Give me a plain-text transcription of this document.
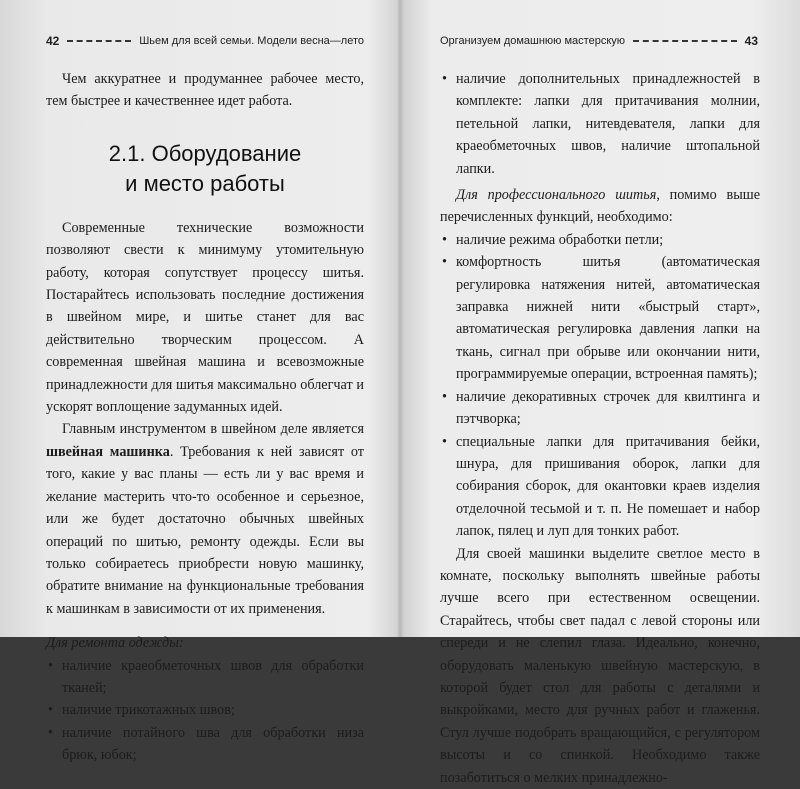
42	Шьем для всей семьи. Модели весна—лето

Чем аккуратнее и продуманнее рабочее место, тем быстрее и качественнее идет работа.

2.1. Оборудование
и место работы

Современные технические возможности позволяют свести к минимуму утомительную работу, которая сопутствует процессу шитья. Постарайтесь использовать последние достижения в швейном мире, и шитье станет для вас действительно творческим процессом. А современная швейная машина и всевозможные принадлежности для шитья максимально облегчат и ускорят воплощение задуманных идей.

Главным инструментом в швейном деле является швейная машинка. Требования к ней зависят от того, какие у вас планы — есть ли у вас время и желание мастерить что-то особенное и серьезное, или же будет достаточно обычных швейных операций по шитью, ремонту одежды. Если вы только собираетесь приобрести новую машинку, обратите внимание на функциональные требования к машинкам в зависимости от их применения.

Для ремонта одежды:

• наличие краеобметочных швов для обработки тканей;
• наличие трикотажных швов;
• наличие потайного шва для обработки низа брюк, юбок;
Организуем домашнюю мастерскую	43
• наличие дополнительных принадлежностей в комплекте: лапки для притачивания молнии, петельной лапки, нитевдевателя, лапки для краеобметочных швов, наличие штопальной лапки.

Для профессионального шитья, помимо выше перечисленных функций, необходимо:

• наличие режима обработки петли;
• комфортность шитья (автоматическая регулировка натяжения нитей, автоматическая заправка нижней нити «быстрый старт», автоматическая регулировка давления лапки на ткань, сигнал при обрыве или окончании нити, программируемые операции, встроенная память);
• наличие декоративных строчек для квилтинга и пэтчворка;
• специальные лапки для притачивания бейки, шнура, для пришивания оборок, лапки для собирания сборок, для окантовки краев изделия отделочной тесьмой и т. п. Не помешает и набор лапок, пялец и луп для тонких работ.

Для своей машинки выделите светлое место в комнате, поскольку выполнять швейные работы лучше всего при естественном освещении. Старайтесь, чтобы свет падал с левой стороны или спереди и не слепил глаза. Идеально, конечно, оборудовать маленькую швейную мастерскую, в которой будет стол для работы с деталями и выкройками, место для ручных работ и глаженья. Стул лучше подобрать вращающийся, с регулятором высоты и со спинкой. Необходимо также позаботиться о мелких принадлежно-
